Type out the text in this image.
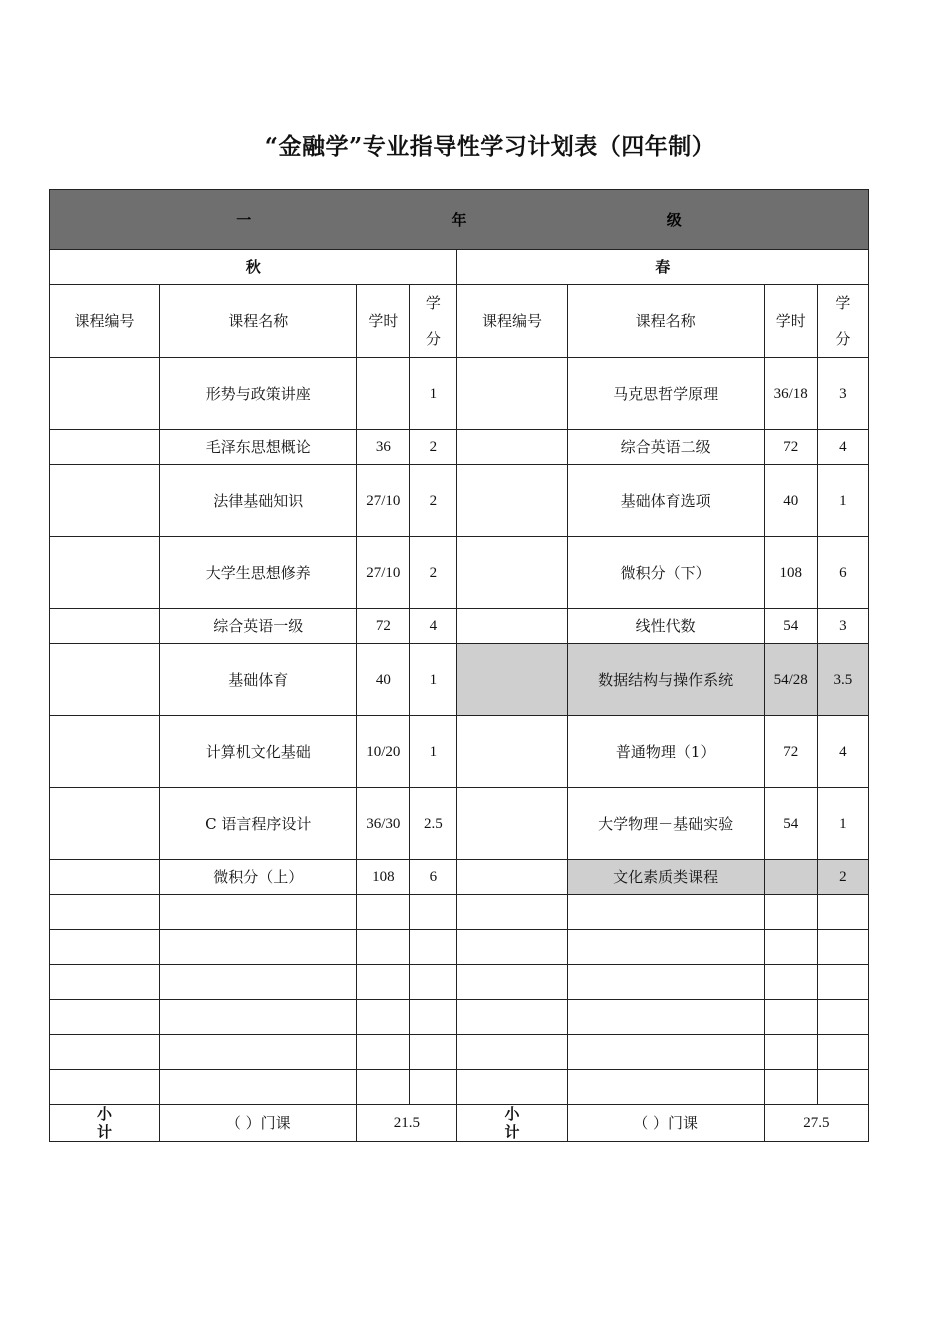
“金融学”专业指导性学习计划表（四年制）
一 年 级							
秋				春			
课程编号	课程名称	学时	学分	课程编号	课程名称	学时	学分
	形势与政策讲座		1		马克思哲学原理	36/18	3
	毛泽东思想概论	36	2		综合英语二级	72	4
	法律基础知识	27/10	2		基础体育选项	40	1
	大学生思想修养	27/10	2		微积分（下）	108	6
	综合英语一级	72	4		线性代数	54	3
	基础体育	40	1		数据结构与操作系统	54/28	3.5
	计算机文化基础	10/20	1		普通物理（1）	72	4
	C 语言程序设计	36/30	2.5		大学物理－基础实验	54	1
	微积分（上）	108	6		文化素质类课程		2

小计	（ ）门课	21.5		小计	（ ）门课	27.5	
